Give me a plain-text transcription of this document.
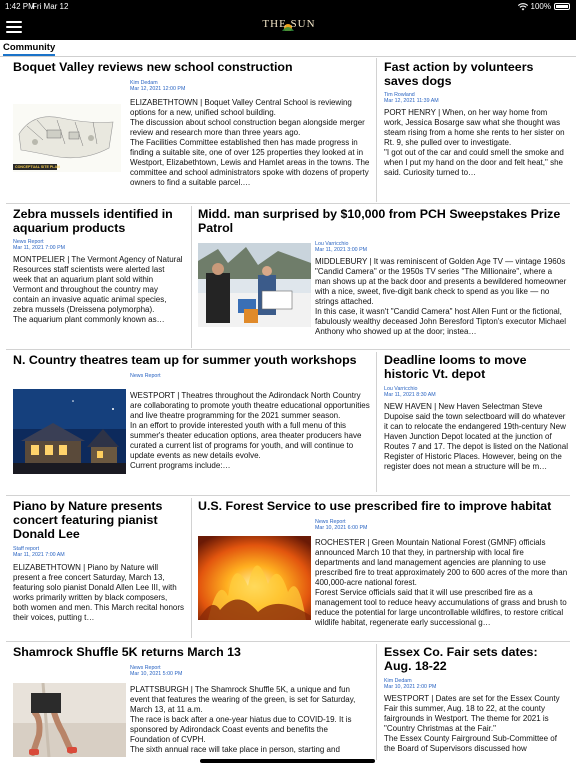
1:42 PM
Fri Mar 12	100%
THE SUN
Community
Boquet Valley reviews new school construction
Kim Dedam
Mar 12, 2021 12:00 PM
CONCEPTUAL SITE PLAN

ELIZABETHTOWN | Boquet Valley Central School is reviewing options for a new, unified school building.

The discussion about school construction began alongside merger review and research more than three years ago.

The Facilities Committee established then has made progress in finding a suitable site, one of over 125 properties they looked at in Westport, Elizabethtown, Lewis and Hamlet areas in the towns. The committee and school administrators spoke with dozens of property owners to find a suitable parcel.…

Fast action by volunteers saves dogs
Tim Rowland
Mar 12, 2021 11:39 AM

PORT HENRY | When, on her way home from work, Jessica Bosarge saw what she thought was steam rising from a home she rents to her sister on Rt. 9, she pulled over to investigate.

"I got out of the car and could smell the smoke and when I put my hand on the door and felt heat," she said. Curiosity turned to…

Zebra mussels identified in aquarium products
News Report
Mar 11, 2021 7:00 PM

MONTPELIER | The Vermont Agency of Natural Resources staff scientists were alerted last week that an aquarium plant sold within Vermont and throughout the country may contain an invasive aquatic animal species, zebra mussels (Dreissena polymorpha).

The aquarium plant commonly known as…

Midd. man surprised by $10,000 from PCH Sweepstakes Prize Patrol
Lou Varricchio
Mar 11, 2021 3:00 PM

MIDDLEBURY | It was reminiscent of Golden Age TV — vintage 1960s "Candid Camera" or the 1950s TV series "The Millionaire", where a man shows up at the back door and presents a bewildered homeowner with a nice, sweet, five-digit bank check to spend as you like — no strings attached.

In this case, it wasn't "Candid Camera" host Allen Funt or the fictional, fabulously wealthy deceased John Beresford Tipton's executor Michael Anthony who showed up at the door; instea…

N. Country theatres team up for summer youth workshops
News Report

WESTPORT | Theatres throughout the Adirondack North Country are collaborating to promote youth theatre educational opportunities and live theatre programming for the 2021 summer season.

In an effort to provide interested youth with a full menu of this summer's theater education options, area theater producers have curated a current list of programs for youth, and will continue to update events as new details evolve.

Current programs include:…

Deadline looms to move historic Vt. depot
Lou Varricchio
Mar 11, 2021 8:30 AM

NEW HAVEN | New Haven Selectman Steve Dupoise said the town selectboard will do whatever it can to relocate the endangered 19th-century New Haven Junction Depot located at the junction of Routes 7 and 17. The depot is listed on the National Register of Historic Places. However, being on the register does not mean a structure will be m…

Piano by Nature presents concert featuring pianist Donald Lee
Staff report
Mar 11, 2021 7:00 AM

ELIZABETHTOWN | Piano by Nature will present a free concert Saturday, March 13, featuring solo pianist Donald Allen Lee III, with works primarily written by black composers, both women and men. This March recital honors their voices, putting t…

U.S. Forest Service to use prescribed fire to improve habitat
News Report
Mar 10, 2021 6:00 PM

ROCHESTER | Green Mountain National Forest (GMNF) officials announced March 10 that they, in partnership with local fire departments and land management agencies are planning to use prescribed fire to treat approximately 200 to 600 acres of the more than 400,000-acre national forest.

Forest Service officials said that it will use prescribed fire as a management tool to reduce heavy accumulations of grass and brush to reduce the potential for large uncontrollable wildfires, to restore critical wildlife habitat, regenerate early successional g…

Shamrock Shuffle 5K returns March 13
News Report
Mar 10, 2021 5:00 PM

PLATTSBURGH | The Shamrock Shuffle 5K, a unique and fun event that features the wearing of the green, is set for Saturday, March 13, at 11 a.m.

The race is back after a one-year hiatus due to COVID-19. It is sponsored by Adirondack Coast events and benefits the Foundation of CVPH.

The sixth annual race will take place in person, starting and

Essex Co. Fair sets dates: Aug. 18-22
Kim Dedam
Mar 10, 2021 2:00 PM

WESTPORT | Dates are set for the Essex County Fair this summer, Aug. 18 to 22, at the county fairgrounds in Westport. The theme for 2021 is "Country Christmas at the Fair."

The Essex County Fairground Sub-Committee of the Board of Supervisors discussed how
